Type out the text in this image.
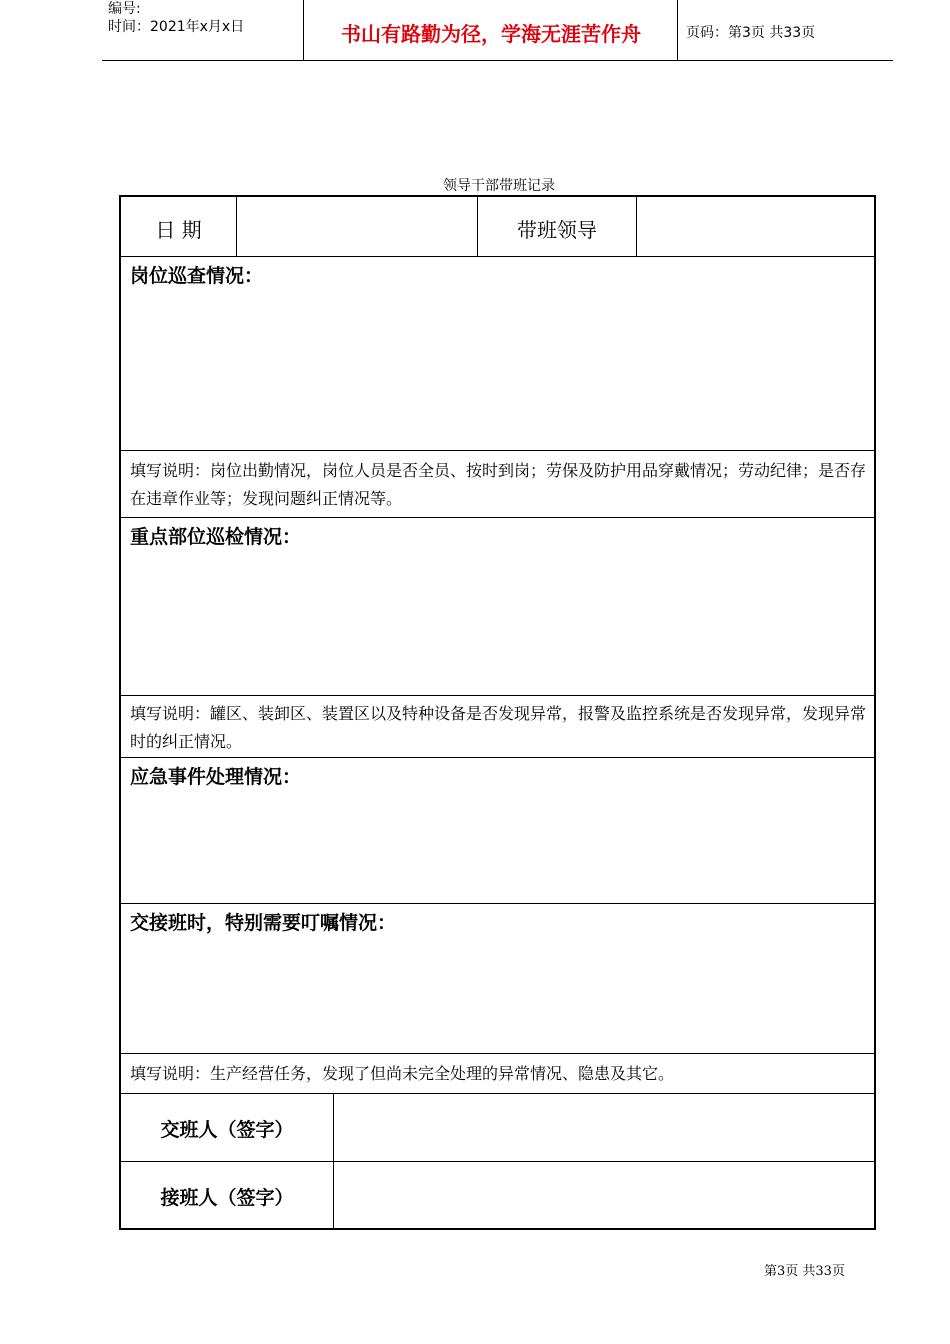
编号:
时间：2021年x月x日	书山有路勤为径，学海无涯苦作舟	页码：第3页 共33页
领导干部带班记录
日 期	带班领导
岗位巡查情况：
填写说明：岗位出勤情况，岗位人员是否全员、按时到岗；劳保及防护用品穿戴情况；劳动纪律；是否存在违章作业等；发现问题纠正情况等。
重点部位巡检情况：
填写说明：罐区、装卸区、装置区以及特种设备是否发现异常，报警及监控系统是否发现异常，发现异常时的纠正情况。
应急事件处理情况：
交接班时，特别需要叮嘱情况：
填写说明：生产经营任务，发现了但尚未完全处理的异常情况、隐患及其它。
交班人（签字）
接班人（签字）
第3页 共33页
